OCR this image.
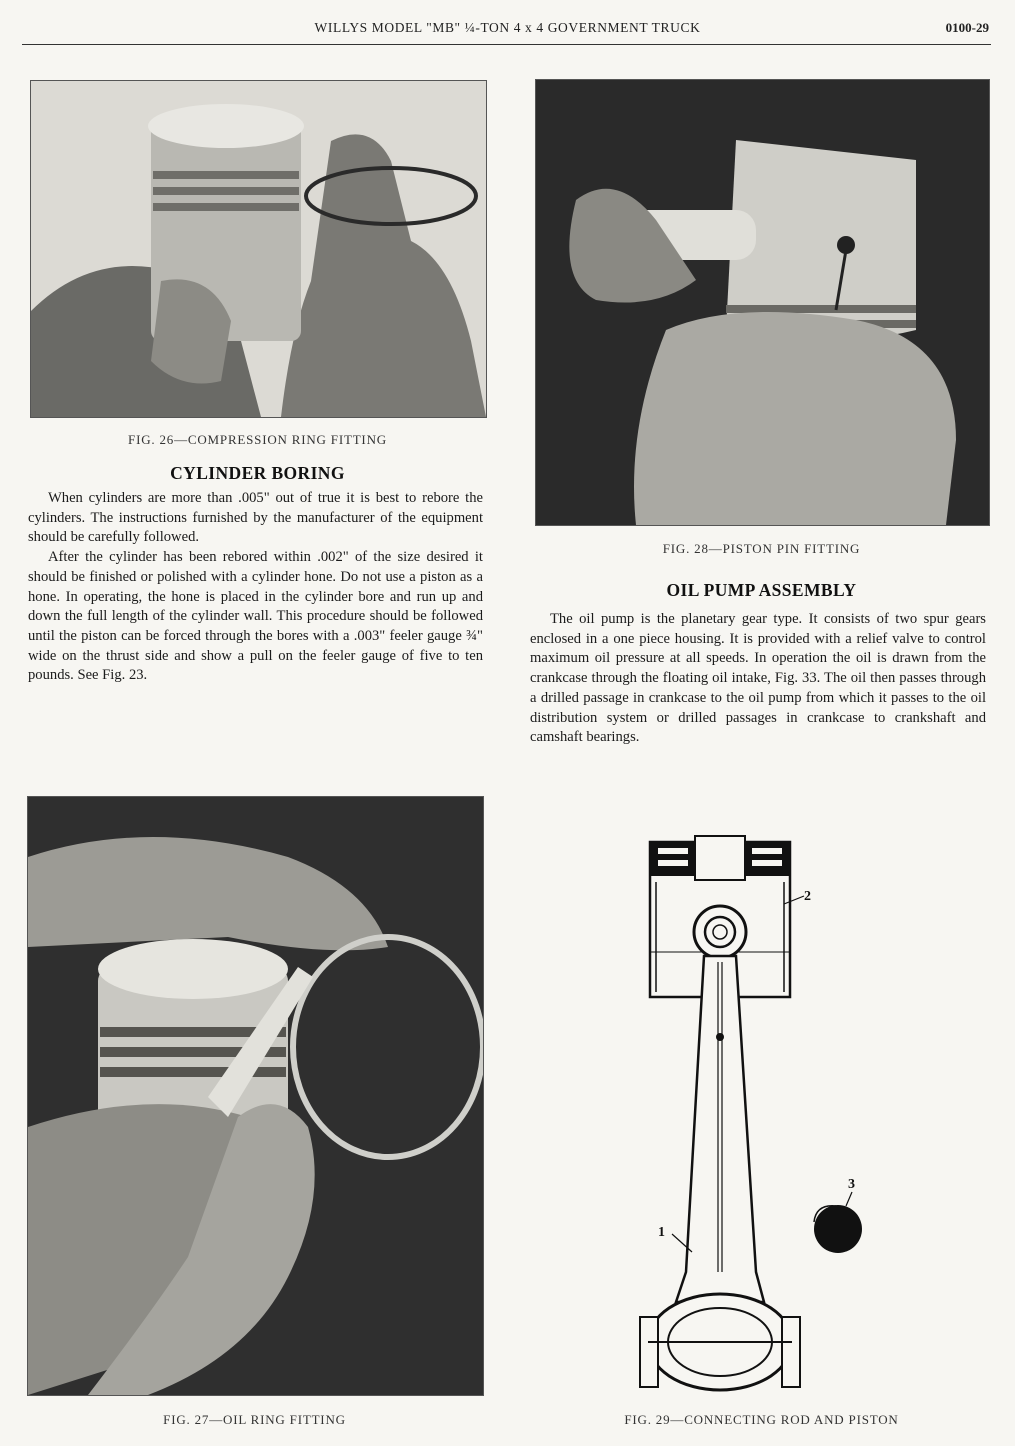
WILLYS MODEL "MB" ¼-TON 4 x 4 GOVERNMENT TRUCK	0100-29
FIG. 26—COMPRESSION RING FITTING
CYLINDER BORING

When cylinders are more than .005" out of true it is best to rebore the cylinders. The instructions furnished by the manufacturer of the equipment should be carefully followed.

After the cylinder has been rebored within .002" of the size desired it should be finished or polished with a cylinder hone. Do not use a piston as a hone. In operating, the hone is placed in the cylinder bore and run up and down the full length of the cylinder wall. This procedure should be followed until the piston can be forced through the bores with a .003" feeler gauge ¾" wide on the thrust side and show a pull on the feeler gauge of five to ten pounds. See Fig. 23.

FIG. 27—OIL RING FITTING
FIG. 28—PISTON PIN FITTING
OIL PUMP ASSEMBLY

The oil pump is the planetary gear type. It consists of two spur gears enclosed in a one piece housing. It is provided with a relief valve to control maximum oil pressure at all speeds. In operation the oil is drawn from the crankcase through the floating oil intake, Fig. 33. The oil then passes through a drilled passage in crankcase to the oil pump from which it passes to the oil distribution system or drilled passages in crankcase to crankshaft and camshaft bearings.

2
1
3
FIG. 29—CONNECTING ROD AND PISTON
